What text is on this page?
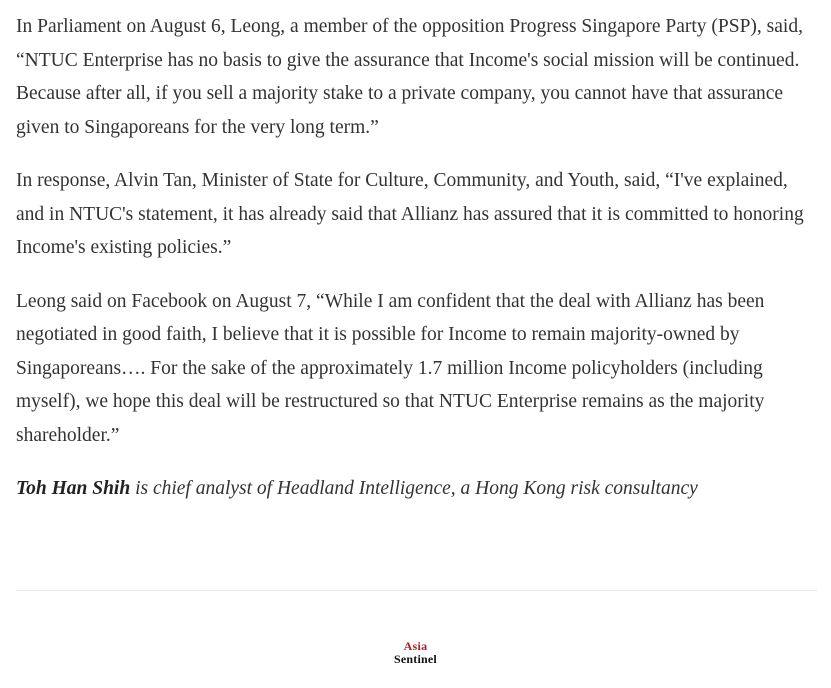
In Parliament on August 6, Leong, a member of the opposition Progress Singapore Party (PSP), said, “NTUC Enterprise has no basis to give the assurance that Income's social mission will be continued. Because after all, if you sell a majority stake to a private company, you cannot have that assurance given to Singaporeans for the very long term.”

In response, Alvin Tan, Minister of State for Culture, Community, and Youth, said, “I've explained, and in NTUC's statement, it has already said that Allianz has assured that it is committed to honoring Income's existing policies.”

Leong said on Facebook on August 7, “While I am confident that the deal with Allianz has been negotiated in good faith, I believe that it is possible for Income to remain majority-owned by Singaporeans…. For the sake of the approximately 1.7 million Income policyholders (including myself), we hope this deal will be restructured so that NTUC Enterprise remains as the majority shareholder.”

Toh Han Shih is chief analyst of Headland Intelligence, a Hong Kong risk consultancy
Asia
Sentinel
